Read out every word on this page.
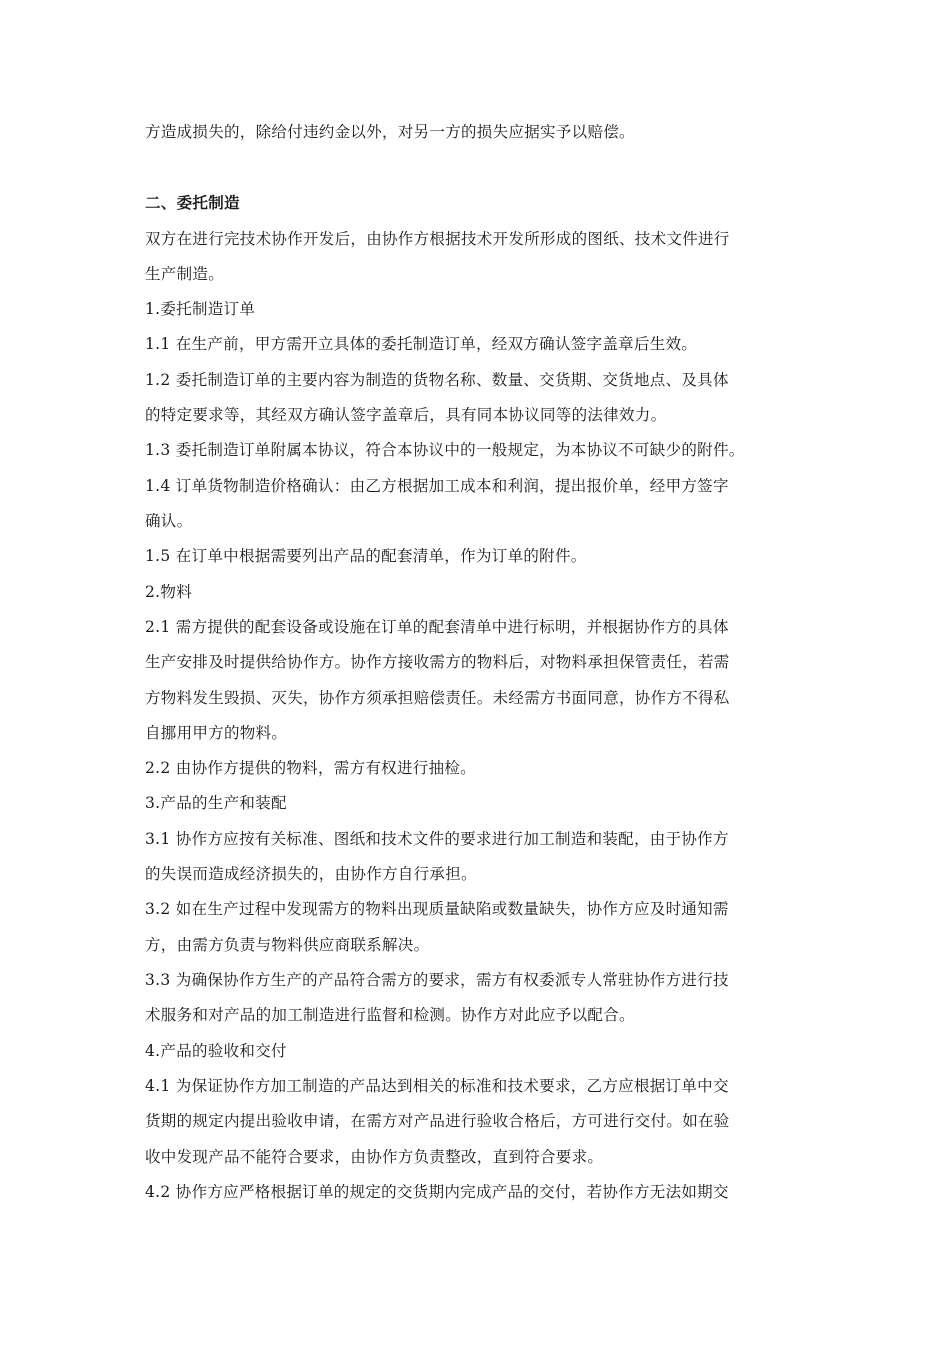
方造成损失的，除给付违约金以外，对另一方的损失应据实予以赔偿。
二、委托制造
双方在进行完技术协作开发后，由协作方根据技术开发所形成的图纸、技术文件进行
生产制造。
1.委托制造订单
1.1 在生产前，甲方需开立具体的委托制造订单，经双方确认签字盖章后生效。
1.2 委托制造订单的主要内容为制造的货物名称、数量、交货期、交货地点、及具体
的特定要求等，其经双方确认签字盖章后，具有同本协议同等的法律效力。
1.3 委托制造订单附属本协议，符合本协议中的一般规定，为本协议不可缺少的附件。
1.4 订单货物制造价格确认：由乙方根据加工成本和利润，提出报价单，经甲方签字
确认。
1.5 在订单中根据需要列出产品的配套清单，作为订单的附件。
2.物料
2.1 需方提供的配套设备或设施在订单的配套清单中进行标明，并根据协作方的具体
生产安排及时提供给协作方。协作方接收需方的物料后，对物料承担保管责任，若需
方物料发生毁损、灭失，协作方须承担赔偿责任。未经需方书面同意，协作方不得私
自挪用甲方的物料。
2.2 由协作方提供的物料，需方有权进行抽检。
3.产品的生产和装配
3.1 协作方应按有关标准、图纸和技术文件的要求进行加工制造和装配，由于协作方
的失误而造成经济损失的，由协作方自行承担。
3.2 如在生产过程中发现需方的物料出现质量缺陷或数量缺失，协作方应及时通知需
方，由需方负责与物料供应商联系解决。
3.3 为确保协作方生产的产品符合需方的要求，需方有权委派专人常驻协作方进行技
术服务和对产品的加工制造进行监督和检测。协作方对此应予以配合。
4.产品的验收和交付
4.1 为保证协作方加工制造的产品达到相关的标准和技术要求，乙方应根据订单中交
货期的规定内提出验收申请，在需方对产品进行验收合格后，方可进行交付。如在验
收中发现产品不能符合要求，由协作方负责整改，直到符合要求。
4.2 协作方应严格根据订单的规定的交货期内完成产品的交付，若协作方无法如期交
